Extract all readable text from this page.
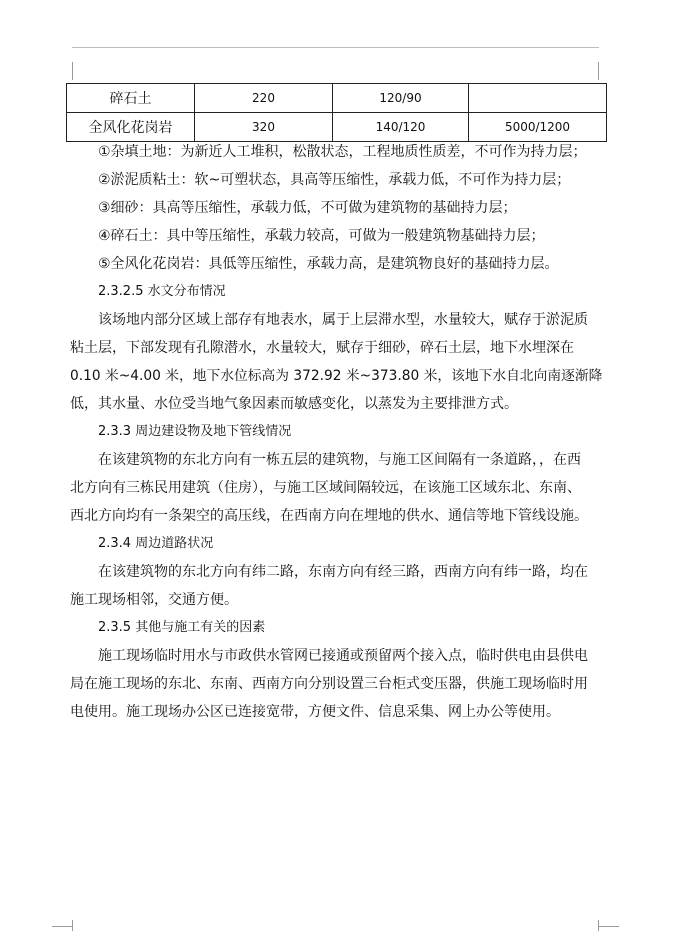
碎石土	220	120/90	
全风化花岗岩	320	140/120	5000/1200
①杂填土地：为新近人工堆积，松散状态，工程地质性质差，不可作为持力层；
②淤泥质粘土：软~可塑状态，具高等压缩性，承载力低，不可作为持力层；
③细砂：具高等压缩性，承载力低，不可做为建筑物的基础持力层；
④碎石土：具中等压缩性，承载力较高，可做为一般建筑物基础持力层；
⑤全风化花岗岩：具低等压缩性，承载力高，是建筑物良好的基础持力层。
2.3.2.5 水文分布情况
该场地内部分区域上部存有地表水，属于上层滞水型，水量较大，赋存于淤泥质
粘土层，下部发现有孔隙潜水，水量较大，赋存于细砂，碎石土层，地下水埋深在
0.10 米~4.00 米，地下水位标高为 372.92 米~373.80 米，该地下水自北向南逐渐降
低，其水量、水位受当地气象因素而敏感变化，以蒸发为主要排泄方式。
2.3.3 周边建设物及地下管线情况
在该建筑物的东北方向有一栋五层的建筑物，与施工区间隔有一条道路，，在西
北方向有三栋民用建筑（住房），与施工区域间隔较远，在该施工区域东北、东南、
西北方向均有一条架空的高压线，在西南方向在埋地的供水、通信等地下管线设施。
2.3.4 周边道路状况
在该建筑物的东北方向有纬二路，东南方向有经三路，西南方向有纬一路，均在
施工现场相邻，交通方便。
2.3.5 其他与施工有关的因素
施工现场临时用水与市政供水管网已接通或预留两个接入点，临时供电由县供电
局在施工现场的东北、东南、西南方向分别设置三台柜式变压器，供施工现场临时用
电使用。施工现场办公区已连接宽带，方便文件、信息采集、网上办公等使用。
